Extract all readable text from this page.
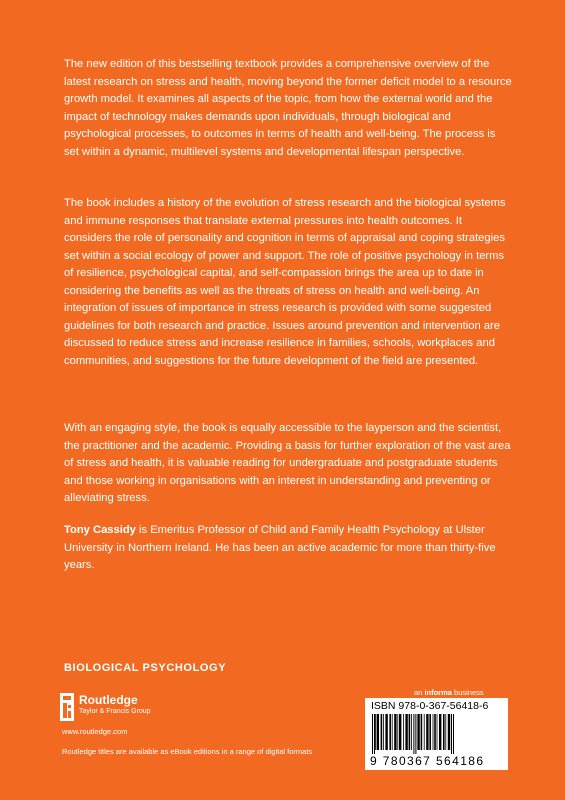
The new edition of this bestselling textbook provides a comprehensive overview of the latest research on stress and health, moving beyond the former deficit model to a resource growth model. It examines all aspects of the topic, from how the external world and the impact of technology makes demands upon individuals, through biological and psychological processes, to outcomes in terms of health and well-being. The process is set within a dynamic, multilevel systems and developmental lifespan perspective.

The book includes a history of the evolution of stress research and the biological systems and immune responses that translate external pressures into health outcomes. It considers the role of personality and cognition in terms of appraisal and coping strategies set within a social ecology of power and support. The role of positive psychology in terms of resilience, psychological capital, and self-compassion brings the area up to date in considering the benefits as well as the threats of stress on health and well-being. An integration of issues of importance in stress research is provided with some suggested guidelines for both research and practice. Issues around prevention and intervention are discussed to reduce stress and increase resilience in families, schools, workplaces and communities, and suggestions for the future development of the field are presented.

With an engaging style, the book is equally accessible to the layperson and the scientist, the practitioner and the academic. Providing a basis for further exploration of the vast area of stress and health, it is valuable reading for undergraduate and postgraduate students and those working in organisations with an interest in understanding and preventing or alleviating stress.

Tony Cassidy is Emeritus Professor of Child and Family Health Psychology at Ulster University in Northern Ireland. He has been an active academic for more than thirty-five years.

BIOLOGICAL PSYCHOLOGY
Routledge
Taylor & Francis Group
www.routledge.com
Routledge titles are available as eBook editions in a range of digital formats
an informa business
ISBN 978-0-367-56418-6
9 780367 564186
